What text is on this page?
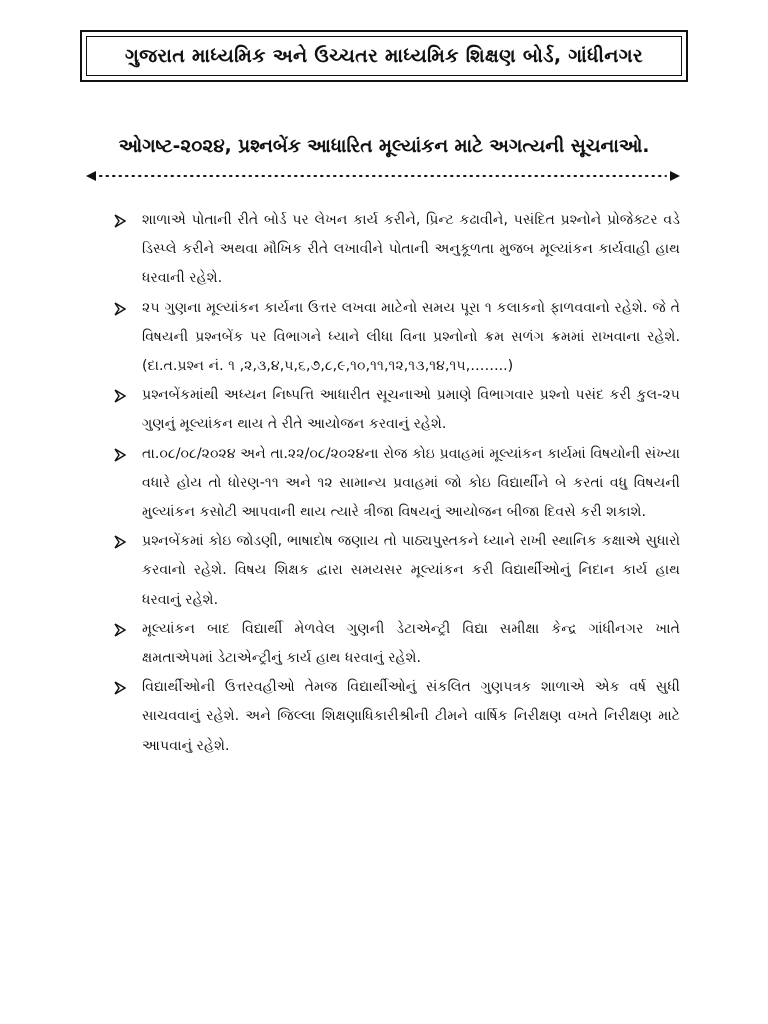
ગુજરાત માધ્યમિક અને ઉચ્ચતર માધ્યમિક શિક્ષણ બોર્ડ, ગાંધીનગર
ઓગષ્ટ-૨૦૨૪, પ્રશ્નબેંક આધારિત મૂલ્યાંકન માટે અગત્યની સૂચનાઓ.
શાળાએ પોતાની રીતે બોર્ડ પર લેખન કાર્ય કરીને, પ્રિન્ટ કઢાવીને, પસંદિત પ્રશ્નોને પ્રોજેક્ટર વડે ડિસ્પ્લે કરીને અથવા મૌખિક રીતે લખાવીને પોતાની અનુકૂળતા મુજબ મૂલ્યાંકન કાર્યવાહી હાથ ધરવાની રહેશે.
૨૫ ગુણના મૂલ્યાંકન કાર્યના ઉત્તર લખવા માટેનો સમય પૂરા ૧ કલાકનો ફાળવવાનો રહેશે. જે તે વિષયની પ્રશ્નબેંક પર વિભાગને ધ્યાને લીધા વિના પ્રશ્નોનો ક્રમ સળંગ ક્રમમાં રાખવાના રહેશે. (દા.ત.પ્રશ્ન નં. ૧ ,૨,૩,૪,૫,૬,૭,૮,૯,૧૦,૧૧,૧૨,૧૩,૧૪,૧૫,……..)
પ્રશ્નબેંકમાંથી અધ્યન નિષ્પત્તિ આધારીત સૂચનાઓ પ્રમાણે વિભાગવાર પ્રશ્નો પસંદ કરી કુલ-૨૫ ગુણનું મૂલ્યાંકન થાય તે રીતે આયોજન કરવાનું રહેશે.
તા.૦૮/૦૮/૨૦૨૪ અને તા.૨૨/૦૮/૨૦૨૪ના રોજ કોઇ પ્રવાહમાં મૂલ્યાંકન કાર્યમાં વિષયોની સંખ્યા વધારે હોય તો ધોરણ-૧૧ અને ૧૨ સામાન્ય પ્રવાહમાં જો કોઇ વિદ્યાર્થીને બે કરતાં વધુ વિષયની મુલ્યાંકન કસોટી આપવાની થાય ત્યારે ત્રીજા વિષયનું આયોજન બીજા દિવસે કરી શકાશે.
પ્રશ્નબેંકમાં કોઇ જોડણી, ભાષાદોષ જણાય તો પાઠ્યપુસ્તકને ધ્યાને રાખી સ્થાનિક કક્ષાએ સુધારો કરવાનો રહેશે. વિષય શિક્ષક દ્વારા સમયસર મૂલ્યાંકન કરી વિદ્યાર્થીઓનું નિદાન કાર્ય હાથ ધરવાનું રહેશે.
મૂલ્યાંકન બાદ વિદ્યાર્થી મેળવેલ ગુણની ડેટાએન્ટ્રી વિદ્યા સમીક્ષા કેન્દ્ર ગાંધીનગર ખાતે ક્ષમતાએપમાં ડેટાએન્ટ્રીનું કાર્ય હાથ ધરવાનું રહેશે.
વિદ્યાર્થીઓની ઉત્તરવહીઓ તેમજ વિદ્યાર્થીઓનું સંકલિત ગુણપત્રક શાળાએ એક વર્ષ સુધી સાચવવાનું રહેશે. અને જિલ્લા શિક્ષણાધિકારીશ્રીની ટીમને વાર્ષિક નિરીક્ષણ વખતે નિરીક્ષણ માટે આપવાનું રહેશે.
